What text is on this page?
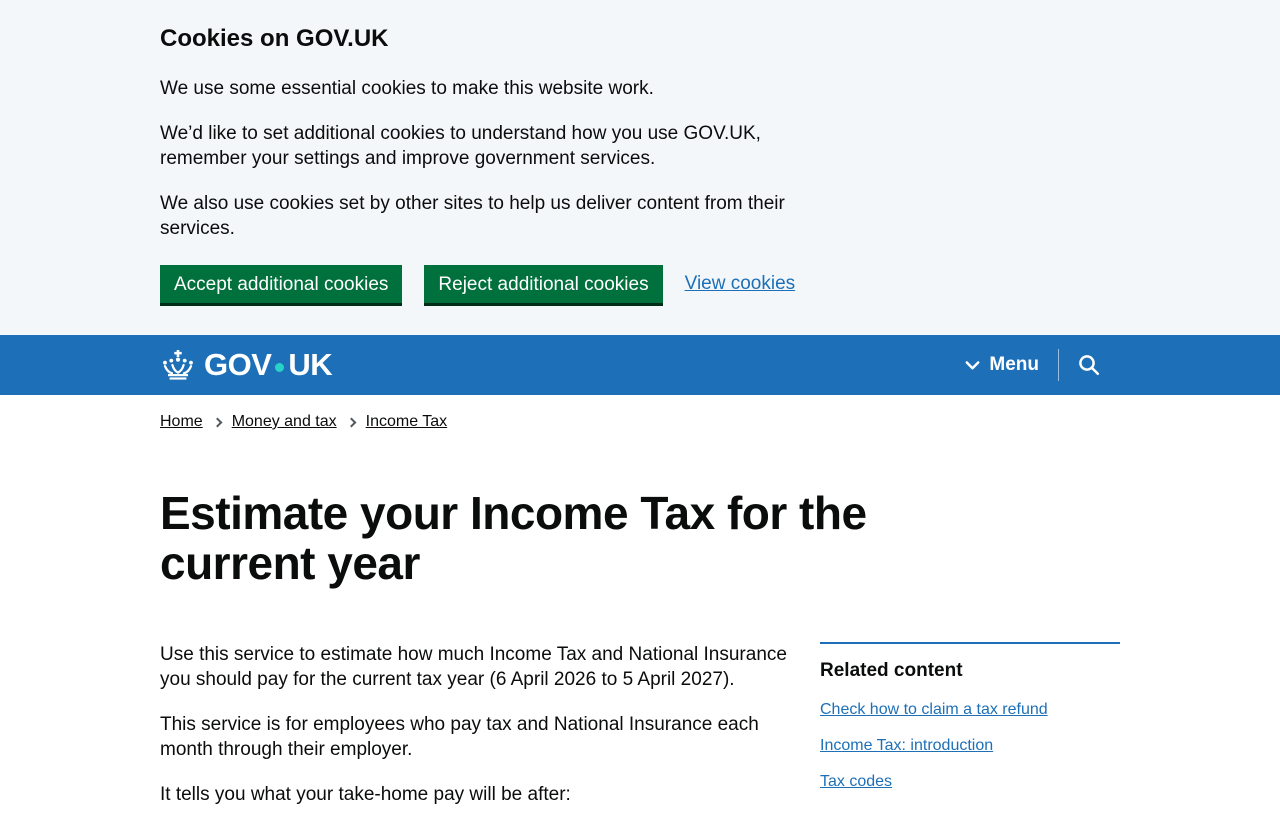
Cookies on GOV.UK

We use some essential cookies to make this website work.

We’d like to set additional cookies to understand how you use GOV.UK, remember your settings and improve government services.

We also use cookies set by other sites to help us deliver content from their services.

Accept additional cookies	Reject additional cookies	View cookies
GOV UK	Menu
Home Money and tax Income Tax
Estimate your Income Tax for the current year

Use this service to estimate how much Income Tax and National Insurance you should pay for the current tax year (6 April 2026 to 5 April 2027).

This service is for employees who pay tax and National Insurance each month through their employer.

It tells you what your take-home pay will be after:

Related content

Check how to claim a tax refund

Income Tax: introduction

Tax codes
